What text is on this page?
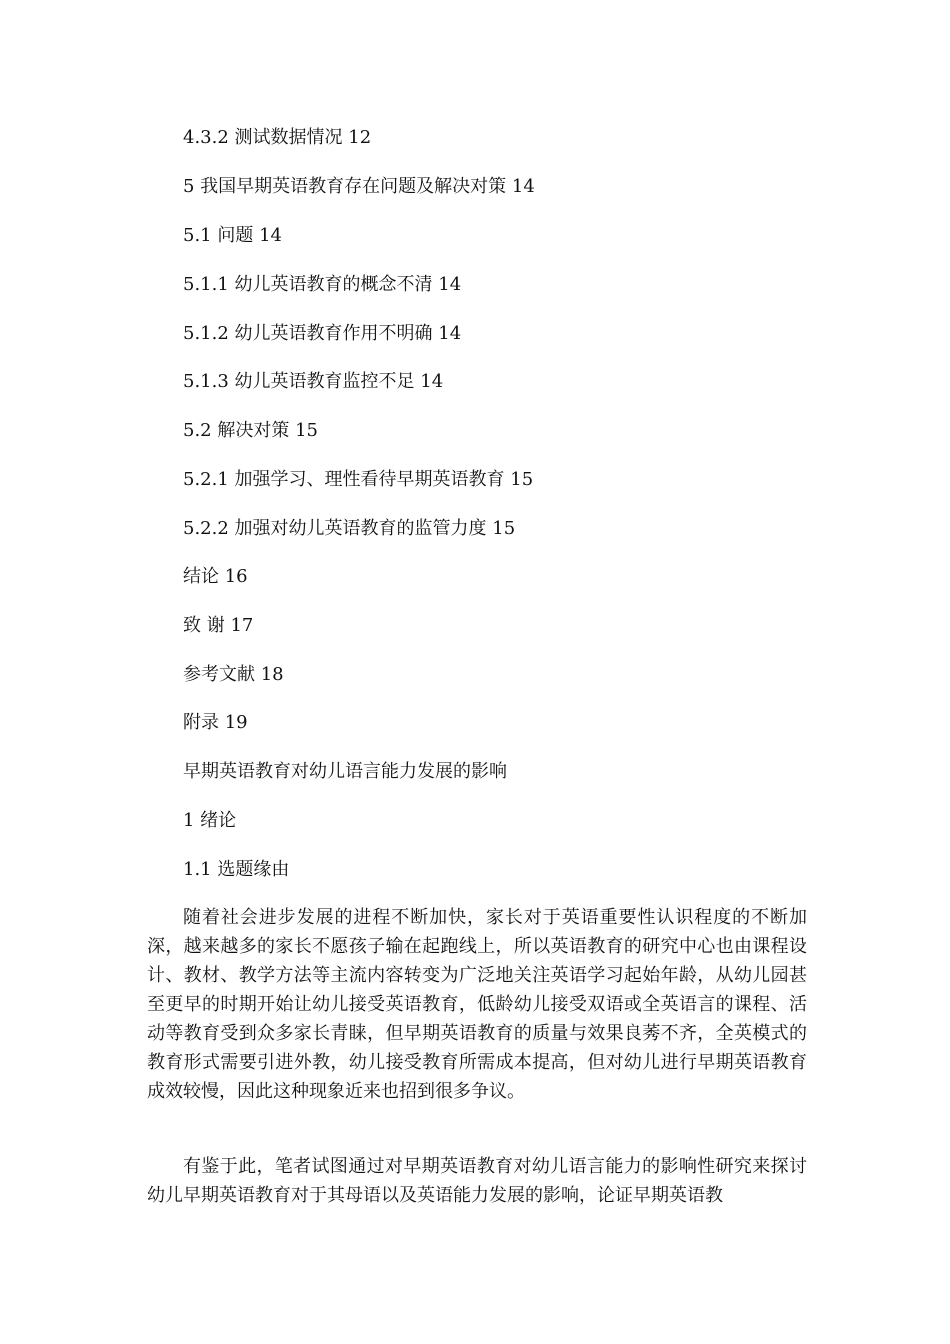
4.3.2 测试数据情况 12
5 我国早期英语教育存在问题及解决对策 14
5.1 问题 14
5.1.1 幼儿英语教育的概念不清 14
5.1.2 幼儿英语教育作用不明确 14
5.1.3 幼儿英语教育监控不足 14
5.2 解决对策 15
5.2.1 加强学习、理性看待早期英语教育 15
5.2.2 加强对幼儿英语教育的监管力度 15
结论 16
致 谢 17
参考文献 18
附录 19
早期英语教育对幼儿语言能力发展的影响
1 绪论
1.1 选题缘由

随着社会进步发展的进程不断加快，家长对于英语重要性认识程度的不断加深，越来越多的家长不愿孩子输在起跑线上，所以英语教育的研究中心也由课程设计、教材、教学方法等主流内容转变为广泛地关注英语学习起始年龄，从幼儿园甚至更早的时期开始让幼儿接受英语教育，低龄幼儿接受双语或全英语言的课程、活动等教育受到众多家长青睐，但早期英语教育的质量与效果良莠不齐，全英模式的教育形式需要引进外教，幼儿接受教育所需成本提高，但对幼儿进行早期英语教育成效较慢，因此这种现象近来也招到很多争议。

有鉴于此，笔者试图通过对早期英语教育对幼儿语言能力的影响性研究来探讨幼儿早期英语教育对于其母语以及英语能力发展的影响，论证早期英语教
